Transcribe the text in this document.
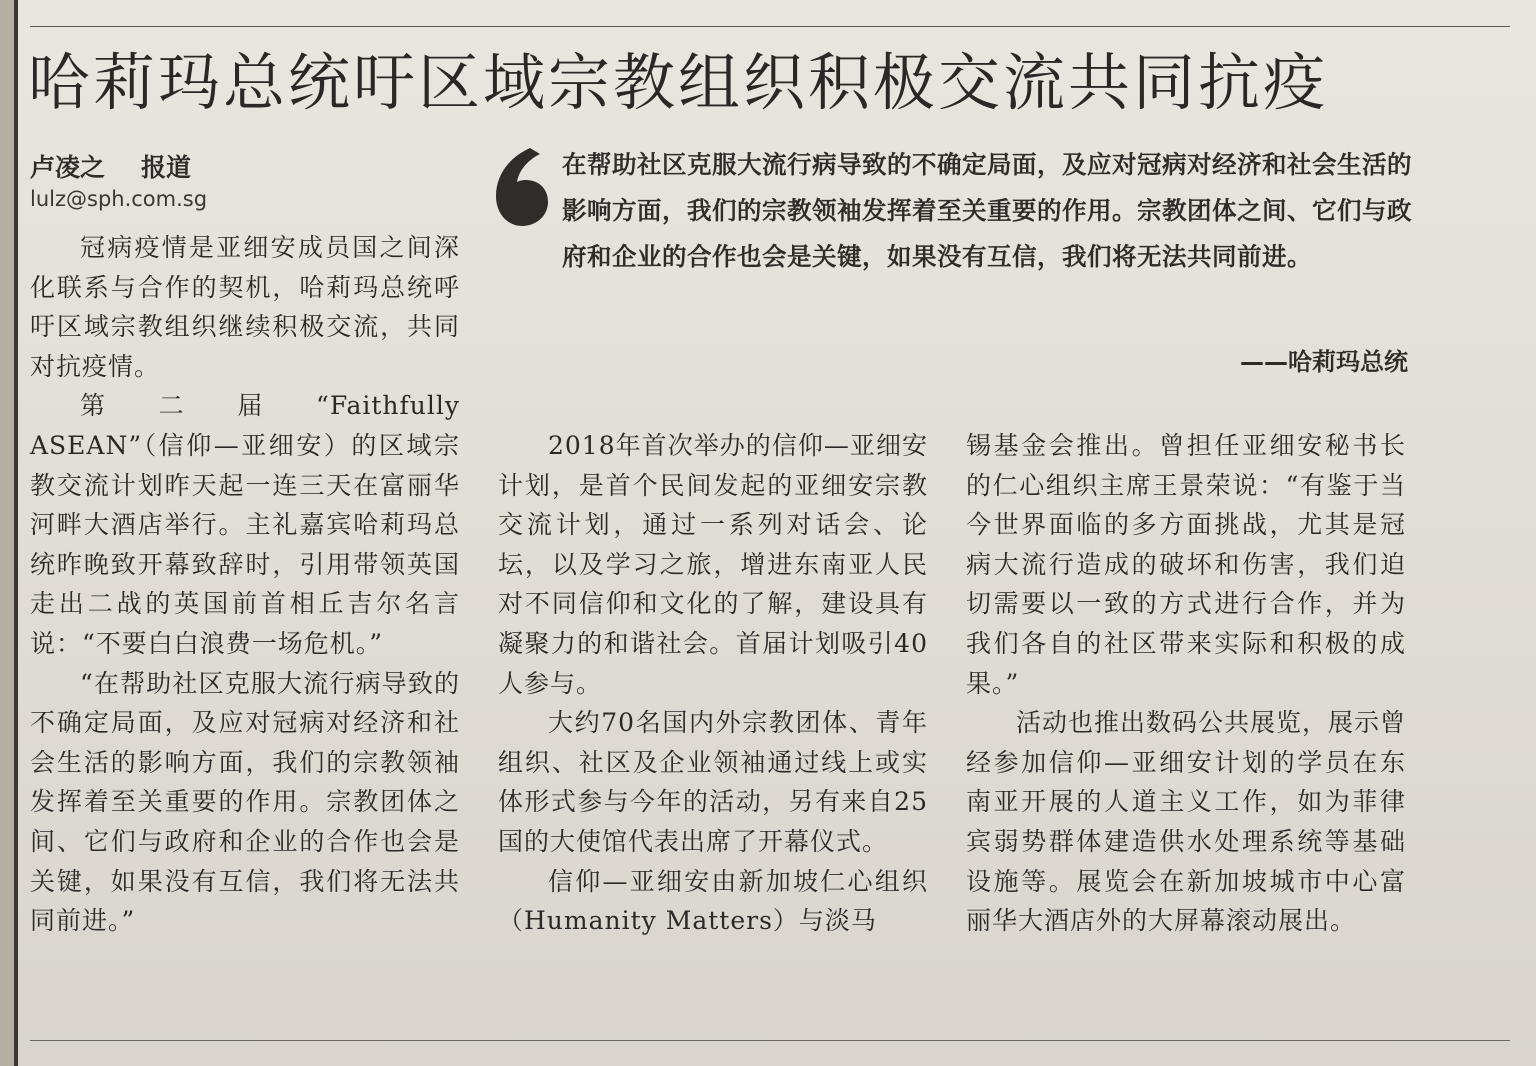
哈莉玛总统吁区域宗教组织积极交流共同抗疫
卢凌之 报道
lulz@sph.com.sg

冠病疫情是亚细安成员国之间深化联系与合作的契机，哈莉玛总统呼吁区域宗教组织继续积极交流，共同对抗疫情。

第二届“Faithfully ASEAN”（信仰—亚细安）的区域宗教交流计划昨天起一连三天在富丽华河畔大酒店举行。主礼嘉宾哈莉玛总统昨晚致开幕致辞时，引用带领英国走出二战的英国前首相丘吉尔名言说：“不要白白浪费一场危机。”

“在帮助社区克服大流行病导致的不确定局面，及应对冠病对经济和社会生活的影响方面，我们的宗教领袖发挥着至关重要的作用。宗教团体之间、它们与政府和企业的合作也会是关键，如果没有互信，我们将无法共同前进。”

在帮助社区克服大流行病导致的不确定局面，及应对冠病对经济和社会生活的影响方面，我们的宗教领袖发挥着至关重要的作用。宗教团体之间、它们与政府和企业的合作也会是关键，如果没有互信，我们将无法共同前进。
——哈莉玛总统

2018年首次举办的信仰—亚细安计划，是首个民间发起的亚细安宗教交流计划，通过一系列对话会、论坛，以及学习之旅，增进东南亚人民对不同信仰和文化的了解，建设具有凝聚力的和谐社会。首届计划吸引40人参与。

大约70名国内外宗教团体、青年组织、社区及企业领袖通过线上或实体形式参与今年的活动，另有来自25国的大使馆代表出席了开幕仪式。

信仰—亚细安由新加坡仁心组织（Humanity Matters）与淡马

锡基金会推出。曾担任亚细安秘书长的仁心组织主席王景荣说：“有鉴于当今世界面临的多方面挑战，尤其是冠病大流行造成的破坏和伤害，我们迫切需要以一致的方式进行合作，并为我们各自的社区带来实际和积极的成果。”

活动也推出数码公共展览，展示曾经参加信仰—亚细安计划的学员在东南亚开展的人道主义工作，如为菲律宾弱势群体建造供水处理系统等基础设施等。展览会在新加坡城市中心富丽华大酒店外的大屏幕滚动展出。
